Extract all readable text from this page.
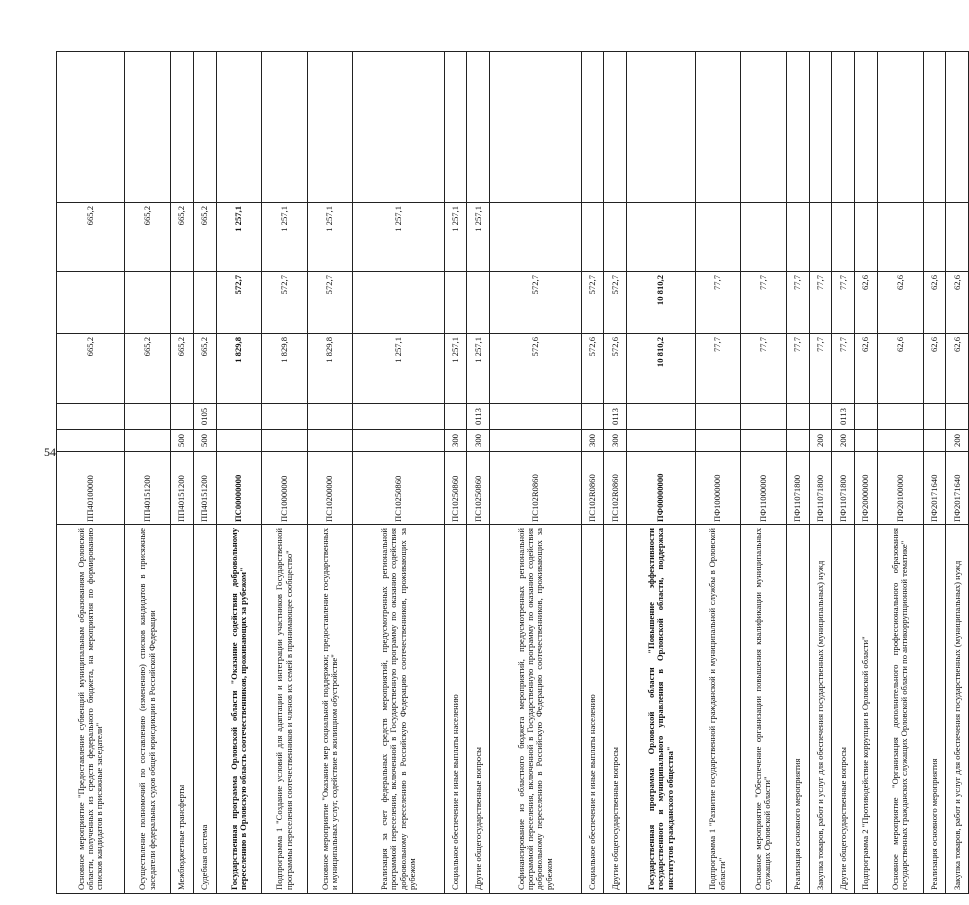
54
Основное мероприятие "Предоставление субвенций муниципальным образованиям Орловской области, полученных из средств федерального бюджета, на мероприятия по формированию списков кандидатов в присяжные заседатели"	ПП40100000			665,2		665,2	
Осуществление полномочий по составлению (изменению) списков кандидатов в присяжные заседатели федеральных судов общей юрисдикции в Российской Федерации	ПП40151200			665,2		665,2	
Межбюджетные трансферты	ПП40151200	500		665,2		665,2	
Судебная система	ПП40151200	500	0105	665,2		665,2	
Государственная программа Орловской области "Оказание содействия добровольному переселению в Орловскую область соотечественников, проживающих за рубежом"	ПС00000000			1 829,8	572,7	1 257,1	
Подпрограмма 1 "Создание условий для адаптации и интеграции участников Государственной программы переселения соотечественников и членов их семей в принимающее сообщество"	ПС10000000			1 829,8	572,7	1 257,1	
Основное мероприятие "Оказание мер социальной поддержки; предоставление государственных и муниципальных услуг, содействие в жилищном обустройстве"	ПС10200000			1 829,8	572,7	1 257,1	
Реализация за счет федеральных средств мероприятий, предусмотренных региональной программой переселения, включенной в Государственную программу по оказанию содействия добровольному переселению в Российскую Федерацию соотечественников, проживающих за рубежом	ПС10250860			1 257,1		1 257,1	
Социальное обеспечение и иные выплаты населению	ПС10250860	300		1 257,1		1 257,1	
Другие общегосударственные вопросы	ПС10250860	300	0113	1 257,1		1 257,1	
Софинансирование из областного бюджета мероприятий, предусмотренных региональной программой переселения, включенной в Государственную программу по оказанию содействия добровольному переселению в Российскую Федерацию соотечественников, проживающих за рубежом	ПС102R0860			572,6	572,7		
Социальное обеспечение и иные выплаты населению	ПС102R0860	300		572,6	572,7		
Другие общегосударственные вопросы	ПС102R0860	300	0113	572,6	572,7		
Государственная программа Орловской области "Повышение эффективности государственного и муниципального управления в Орловской области, поддержка институтов гражданского общества"	ПФ00000000			10 810,2	10 810,2		
Подпрограмма 1 "Развитие государственной гражданской и муниципальной службы в Орловской области"	ПФ10000000			77,7	77,7		
Основное мероприятие "Обеспечение организации повышения квалификации муниципальных служащих Орловской области"	ПФ11000000			77,7	77,7		
Реализация основного мероприятия	ПФ11071800			77,7	77,7		
Закупка товаров, работ и услуг для обеспечения государственных (муниципальных) нужд	ПФ11071800	200		77,7	77,7		
Другие общегосударственные вопросы	ПФ11071800	200	0113	77,7	77,7		
Подпрограмма 2 "Противодействие коррупции в Орловской области"	ПФ20000000			62,6	62,6		
Основное мероприятие "Организация дополнительного профессионального образования государственных гражданских служащих Орловской области по антикоррупционной тематике"	ПФ20100000			62,6	62,6		
Реализация основного мероприятия	ПФ20171640			62,6	62,6		
Закупка товаров, работ и услуг для обеспечения государственных (муниципальных) нужд	ПФ20171640	200		62,6	62,6		
